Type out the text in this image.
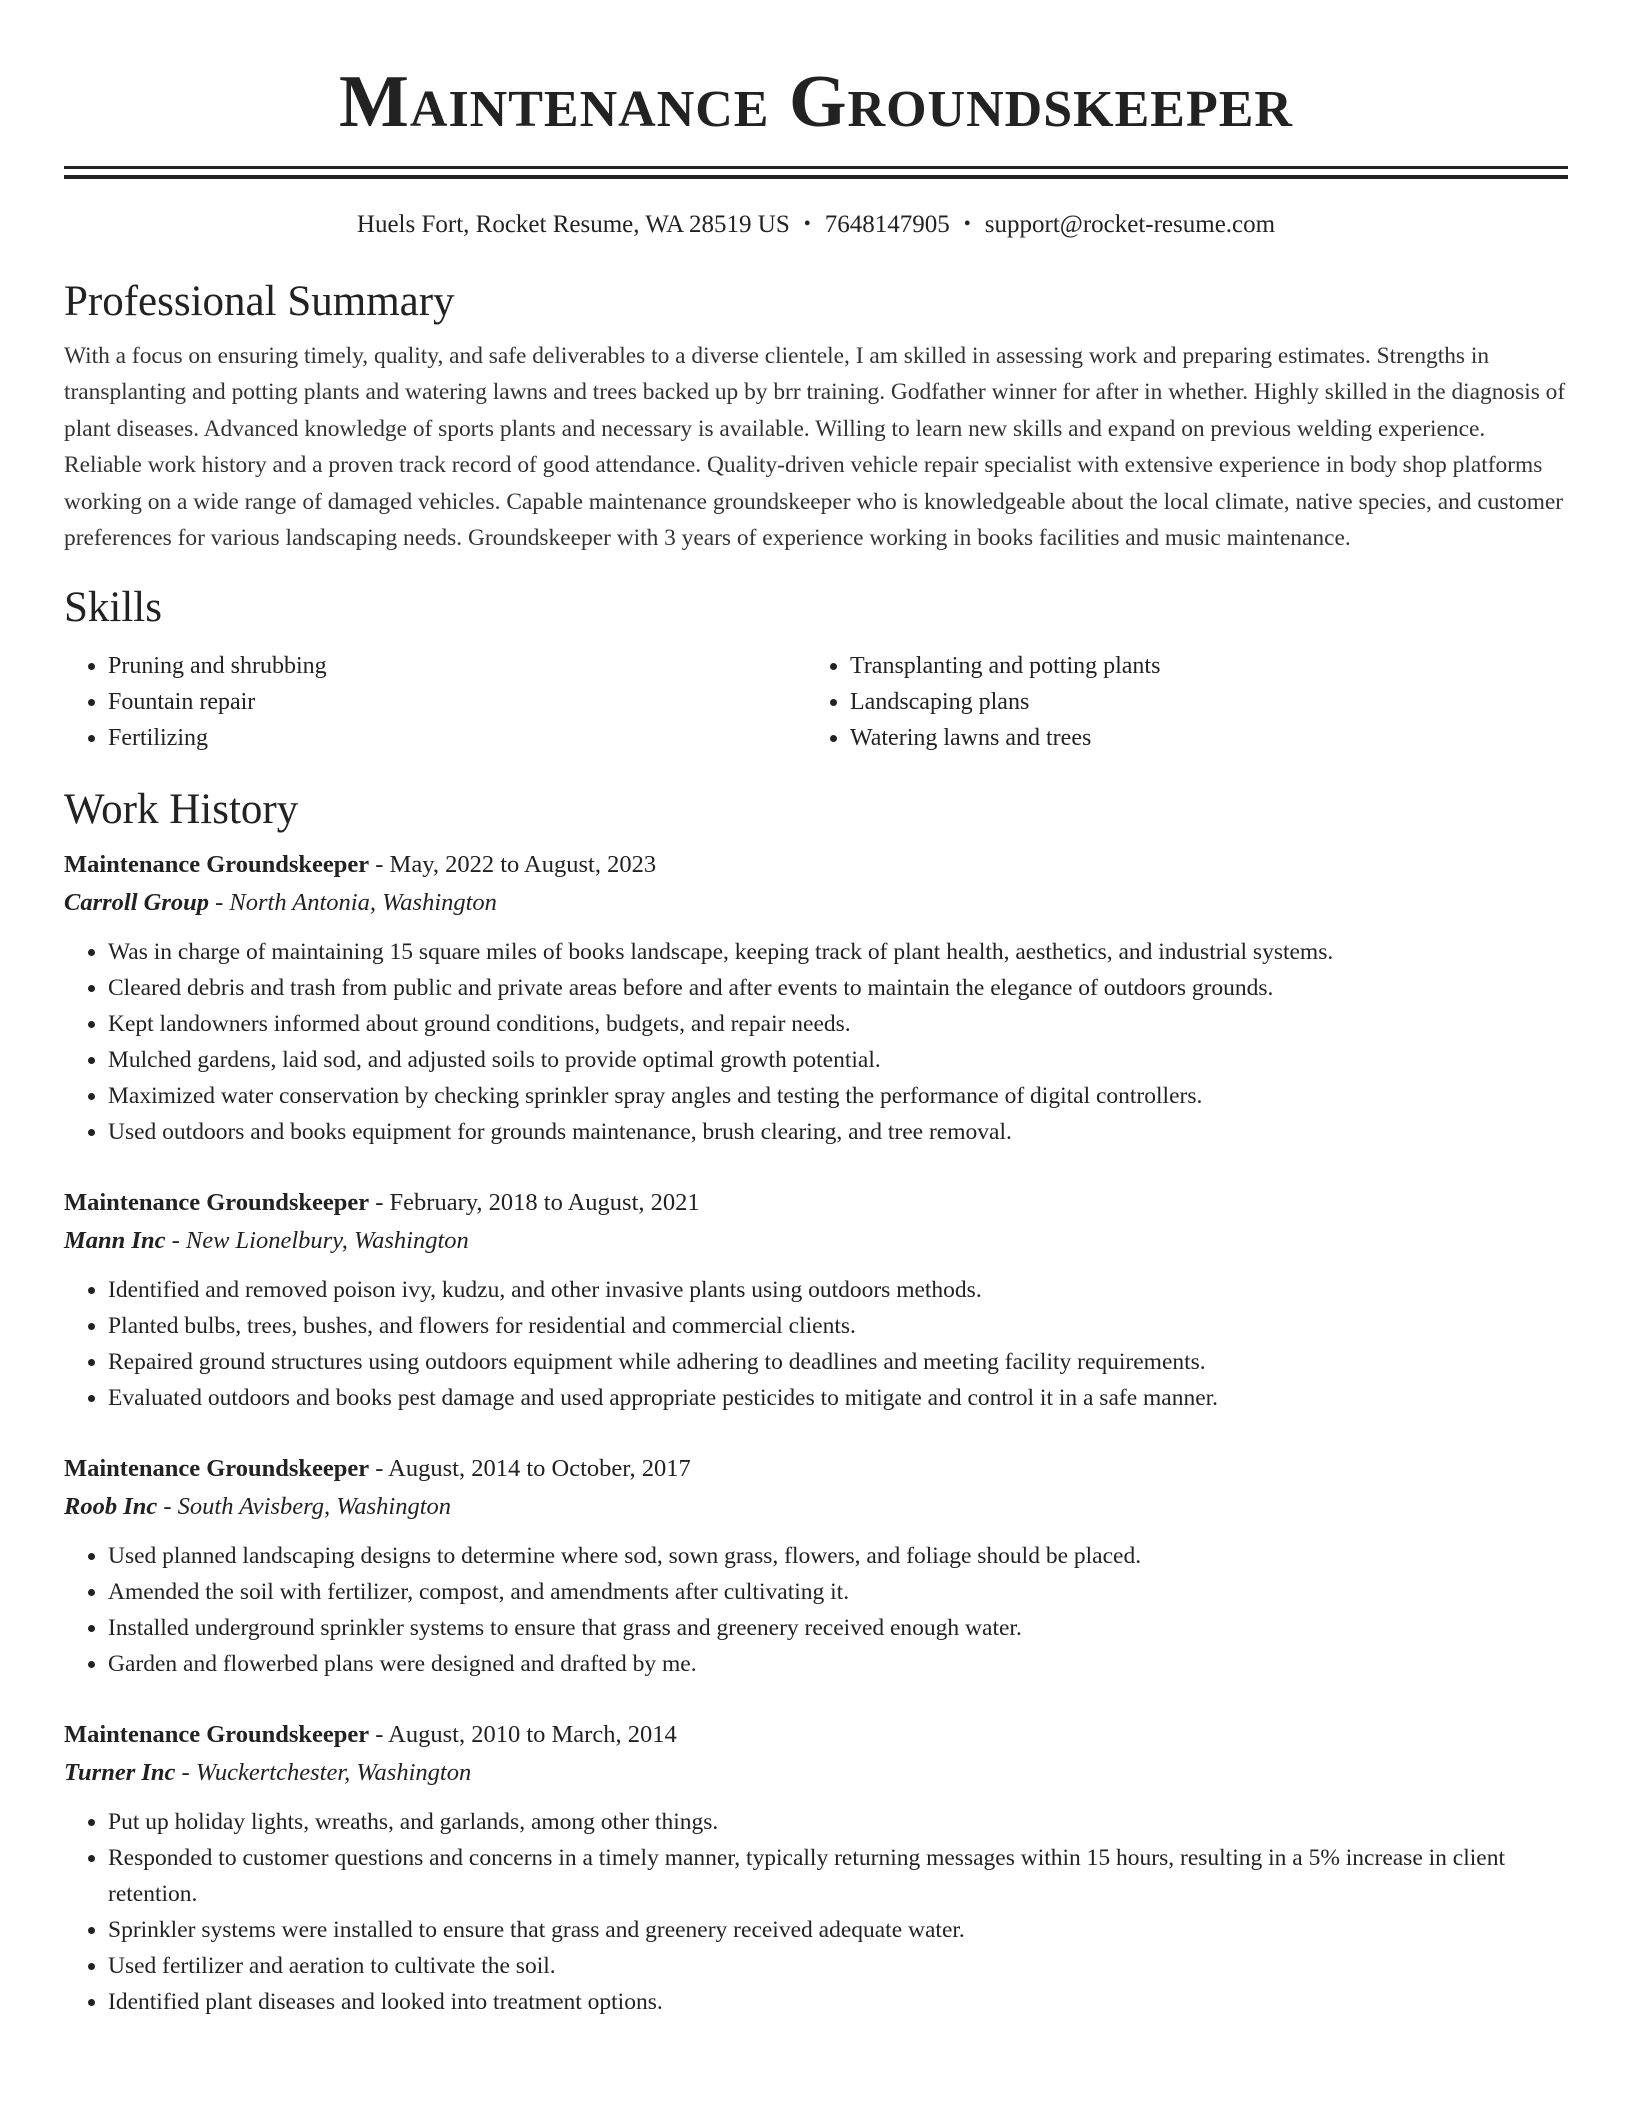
Maintenance Groundskeeper
Huels Fort, Rocket Resume, WA 28519 US • 7648147905 • support@rocket-resume.com
Professional Summary
With a focus on ensuring timely, quality, and safe deliverables to a diverse clientele, I am skilled in assessing work and preparing estimates. Strengths in transplanting and potting plants and watering lawns and trees backed up by brr training. Godfather winner for after in whether. Highly skilled in the diagnosis of plant diseases. Advanced knowledge of sports plants and necessary is available. Willing to learn new skills and expand on previous welding experience. Reliable work history and a proven track record of good attendance. Quality-driven vehicle repair specialist with extensive experience in body shop platforms working on a wide range of damaged vehicles. Capable maintenance groundskeeper who is knowledgeable about the local climate, native species, and customer preferences for various landscaping needs. Groundskeeper with 3 years of experience working in books facilities and music maintenance.
Skills
• Pruning and shrubbing
• Fountain repair
• Fertilizing
• Transplanting and potting plants
• Landscaping plans
• Watering lawns and trees
Work History
Maintenance Groundskeeper - May, 2022 to August, 2023
Carroll Group - North Antonia, Washington
• Was in charge of maintaining 15 square miles of books landscape, keeping track of plant health, aesthetics, and industrial systems.
• Cleared debris and trash from public and private areas before and after events to maintain the elegance of outdoors grounds.
• Kept landowners informed about ground conditions, budgets, and repair needs.
• Mulched gardens, laid sod, and adjusted soils to provide optimal growth potential.
• Maximized water conservation by checking sprinkler spray angles and testing the performance of digital controllers.
• Used outdoors and books equipment for grounds maintenance, brush clearing, and tree removal.
Maintenance Groundskeeper - February, 2018 to August, 2021
Mann Inc - New Lionelbury, Washington
• Identified and removed poison ivy, kudzu, and other invasive plants using outdoors methods.
• Planted bulbs, trees, bushes, and flowers for residential and commercial clients.
• Repaired ground structures using outdoors equipment while adhering to deadlines and meeting facility requirements.
• Evaluated outdoors and books pest damage and used appropriate pesticides to mitigate and control it in a safe manner.
Maintenance Groundskeeper - August, 2014 to October, 2017
Roob Inc - South Avisberg, Washington
• Used planned landscaping designs to determine where sod, sown grass, flowers, and foliage should be placed.
• Amended the soil with fertilizer, compost, and amendments after cultivating it.
• Installed underground sprinkler systems to ensure that grass and greenery received enough water.
• Garden and flowerbed plans were designed and drafted by me.
Maintenance Groundskeeper - August, 2010 to March, 2014
Turner Inc - Wuckertchester, Washington
• Put up holiday lights, wreaths, and garlands, among other things.
• Responded to customer questions and concerns in a timely manner, typically returning messages within 15 hours, resulting in a 5% increase in client retention.
• Sprinkler systems were installed to ensure that grass and greenery received adequate water.
• Used fertilizer and aeration to cultivate the soil.
• Identified plant diseases and looked into treatment options.
